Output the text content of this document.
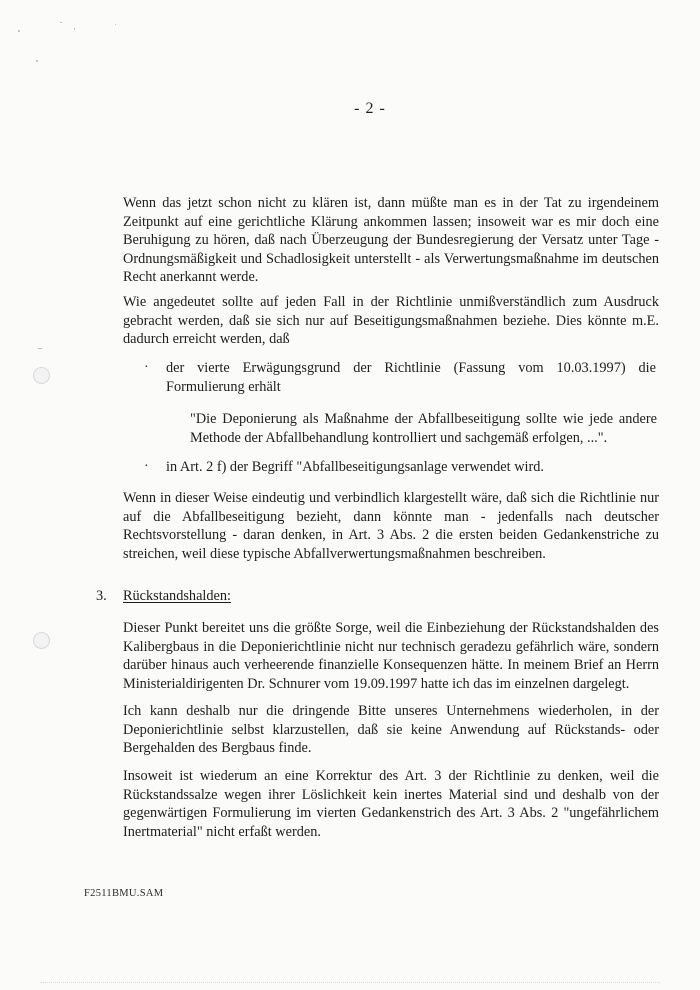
- 2 -

Wenn das jetzt schon nicht zu klären ist, dann müßte man es in der Tat zu irgendeinem Zeitpunkt auf eine gerichtliche Klärung ankommen lassen; insoweit war es mir doch eine Beruhigung zu hören, daß nach Überzeugung der Bundesregierung der Versatz unter Tage - Ordnungsmäßigkeit und Schadlosigkeit unterstellt - als Verwertungsmaßnahme im deutschen Recht anerkannt werde.

Wie angedeutet sollte auf jeden Fall in der Richtlinie unmißverständlich zum Ausdruck gebracht werden, daß sie sich nur auf Beseitigungsmaßnahmen beziehe. Dies könnte m.E. dadurch erreicht werden, daß

· der vierte Erwägungsgrund der Richtlinie (Fassung vom 10.03.1997) die Formulierung erhält

"Die Deponierung als Maßnahme der Abfallbeseitigung sollte wie jede andere Methode der Abfallbehandlung kontrolliert und sachgemäß erfolgen, ...".

· in Art. 2 f) der Begriff "Abfallbeseitigungsanlage verwendet wird.

Wenn in dieser Weise eindeutig und verbindlich klargestellt wäre, daß sich die Richtlinie nur auf die Abfallbeseitigung bezieht, dann könnte man - jedenfalls nach deutscher Rechtsvorstellung - daran denken, in Art. 3 Abs. 2 die ersten beiden Gedankenstriche zu streichen, weil diese typische Abfallverwertungsmaßnahmen beschreiben.

3. Rückstandshalden:

Dieser Punkt bereitet uns die größte Sorge, weil die Einbeziehung der Rückstandshalden des Kalibergbaus in die Deponierichtlinie nicht nur technisch geradezu gefährlich wäre, sondern darüber hinaus auch verheerende finanzielle Konsequenzen hätte. In meinem Brief an Herrn Ministerialdirigenten Dr. Schnurer vom 19.09.1997 hatte ich das im einzelnen dargelegt.

Ich kann deshalb nur die dringende Bitte unseres Unternehmens wiederholen, in der Deponierichtlinie selbst klarzustellen, daß sie keine Anwendung auf Rückstands- oder Bergehalden des Bergbaus finde.

Insoweit ist wiederum an eine Korrektur des Art. 3 der Richtlinie zu denken, weil die Rückstandssalze wegen ihrer Löslichkeit kein inertes Material sind und deshalb von der gegenwärtigen Formulierung im vierten Gedankenstrich des Art. 3 Abs. 2 "ungefährlichem Inertmaterial" nicht erfaßt werden.

F2511BMU.SAM
